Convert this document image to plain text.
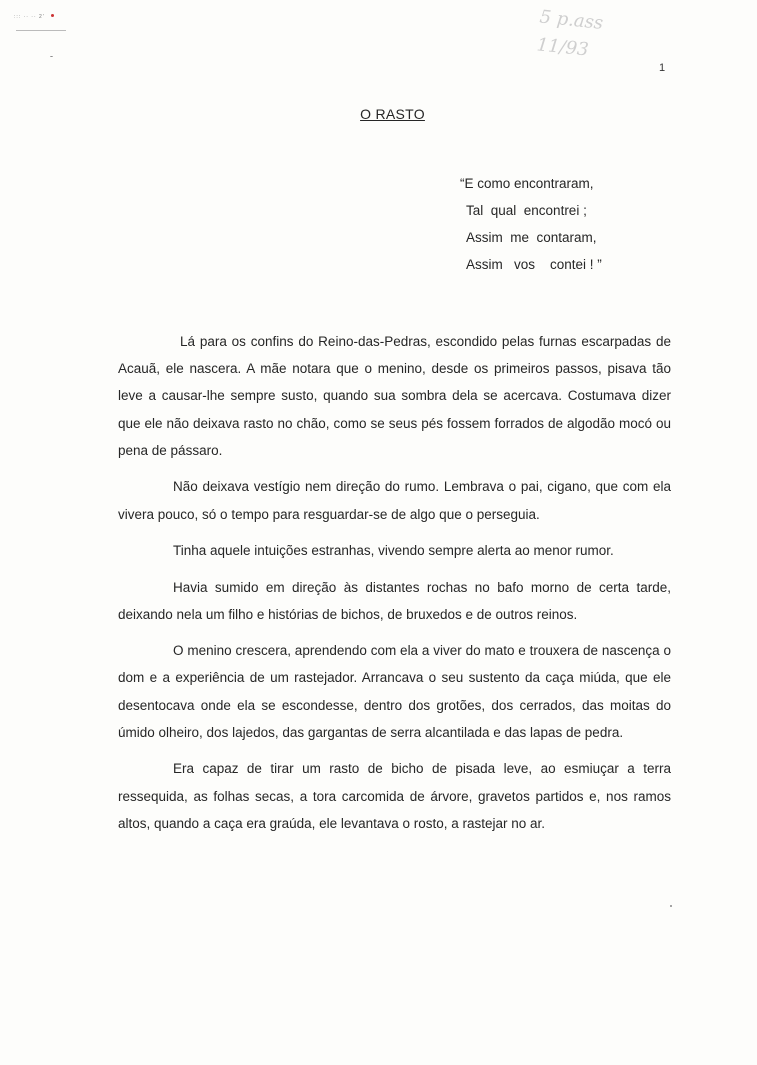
::: ·· ·· 2'	5 p.ass
11/93
1
O RASTO
“E como encontraram,
Tal  qual  encontrei ;
Assim  me  contaram,
Assim   vos    contei ! ”

Lá para os confins do Reino-das-Pedras, escondido pelas furnas escarpadas de Acauã, ele nascera. A mãe notara que o menino, desde os primeiros passos, pisava tão leve a causar-lhe sempre susto, quando sua sombra dela se acercava. Costumava dizer que ele não deixava rasto no chão, como se seus pés fossem forrados de algodão mocó ou pena de pássaro.

Não deixava vestígio nem direção do rumo. Lembrava o pai, cigano, que com ela vivera pouco, só o tempo para resguardar-se de algo que o perseguia.

Tinha aquele intuições estranhas, vivendo sempre alerta ao menor rumor.

Havia sumido em direção às distantes rochas no bafo morno de certa tarde, deixando nela um filho e histórias de bichos, de bruxedos e de outros reinos.

O menino crescera, aprendendo com ela a viver do mato e trouxera de nascença o dom e a experiência de um rastejador. Arrancava o seu sustento da caça miúda, que ele desentocava onde ela se escondesse, dentro dos grotões, dos cerrados, das moitas do úmido olheiro, dos lajedos, das gargantas de serra alcantilada e das lapas de pedra.

Era capaz de tirar um rasto de bicho de pisada leve, ao esmiuçar a terra ressequida, as folhas secas, a tora carcomida de árvore, gravetos partidos e, nos ramos altos, quando a caça era graúda, ele levantava o rosto, a rastejar no ar.
